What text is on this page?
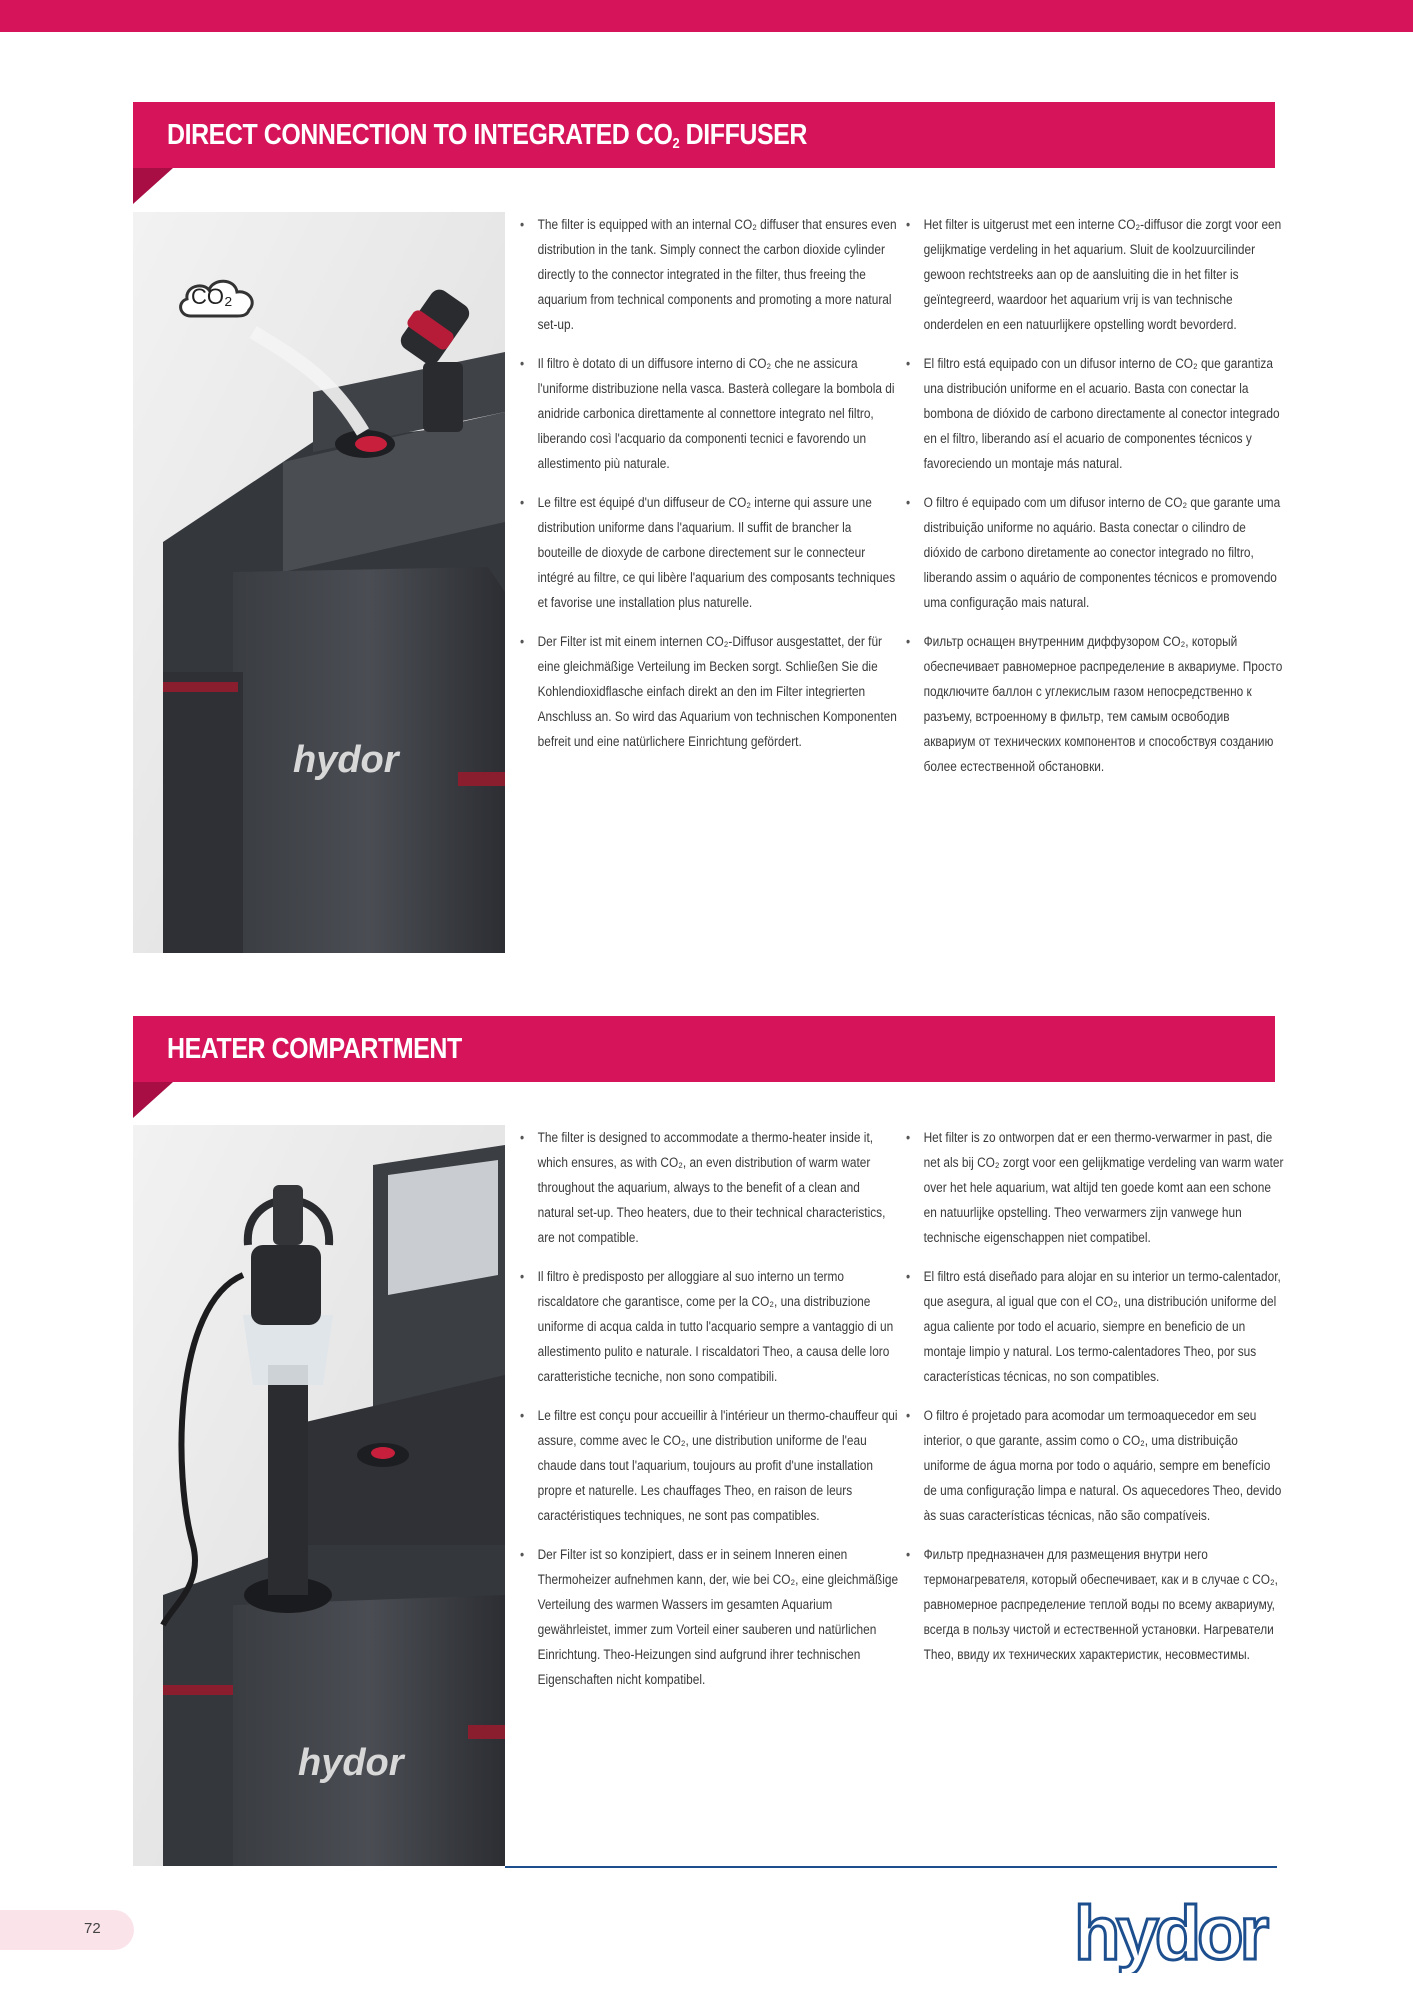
DIRECT CONNECTION TO INTEGRATED $CO_2$ DIFFUSER
hydor
CO₂

• The filter is equipped with an internal CO₂ diffuser that ensures even distribution in the tank. Simply connect the carbon dioxide cylinder directly to the connector integrated in the filter, thus freeing the aquarium from technical components and promoting a more natural set-up.

• Il filtro è dotato di un diffusore interno di CO₂ che ne assicura l'uniforme distribuzione nella vasca. Basterà collegare la bombola di anidride carbonica direttamente al connettore integrato nel filtro, liberando così l'acquario da componenti tecnici e favorendo un allestimento più naturale.

• Le filtre est équipé d'un diffuseur de CO₂ interne qui assure une distribution uniforme dans l'aquarium. Il suffit de brancher la bouteille de dioxyde de carbone directement sur le connecteur intégré au filtre, ce qui libère l'aquarium des composants techniques et favorise une installation plus naturelle.

• Der Filter ist mit einem internen CO₂-Diffusor ausgestattet, der für eine gleichmäßige Verteilung im Becken sorgt. Schließen Sie die Kohlendioxidflasche einfach direkt an den im Filter integrierten Anschluss an. So wird das Aquarium von technischen Komponenten befreit und eine natürlichere Einrichtung gefördert.

• Het filter is uitgerust met een interne CO₂-diffusor die zorgt voor een gelijkmatige verdeling in het aquarium. Sluit de koolzuurcilinder gewoon rechtstreeks aan op de aansluiting die in het filter is geïntegreerd, waardoor het aquarium vrij is van technische onderdelen en een natuurlijkere opstelling wordt bevorderd.

• El filtro está equipado con un difusor interno de CO₂ que garantiza una distribución uniforme en el acuario. Basta con conectar la bombona de dióxido de carbono directamente al conector integrado en el filtro, liberando así el acuario de componentes técnicos y favoreciendo un montaje más natural.

• O filtro é equipado com um difusor interno de CO₂ que garante uma distribuição uniforme no aquário. Basta conectar o cilindro de dióxido de carbono diretamente ao conector integrado no filtro, liberando assim o aquário de componentes técnicos e promovendo uma configuração mais natural.

• Фильтр оснащен внутренним диффузором CO₂, который обеспечивает равномерное распределение в аквариуме. Просто подключите баллон с углекислым газом непосредственно к разъему, встроенному в фильтр, тем самым освободив аквариум от технических компонентов и способствуя созданию более естественной обстановки.

HEATER COMPARTMENT
hydor

• The filter is designed to accommodate a thermo-heater inside it, which ensures, as with CO₂, an even distribution of warm water throughout the aquarium, always to the benefit of a clean and natural set-up. Theo heaters, due to their technical characteristics, are not compatible.

• Il filtro è predisposto per alloggiare al suo interno un termo riscaldatore che garantisce, come per la CO₂, una distribuzione uniforme di acqua calda in tutto l'acquario sempre a vantaggio di un allestimento pulito e naturale. I riscaldatori Theo, a causa delle loro caratteristiche tecniche, non sono compatibili.

• Le filtre est conçu pour accueillir à l'intérieur un thermo-chauffeur qui assure, comme avec le CO₂, une distribution uniforme de l'eau chaude dans tout l'aquarium, toujours au profit d'une installation propre et naturelle. Les chauffages Theo, en raison de leurs caractéristiques techniques, ne sont pas compatibles.

• Der Filter ist so konzipiert, dass er in seinem Inneren einen Thermoheizer aufnehmen kann, der, wie bei CO₂, eine gleichmäßige Verteilung des warmen Wassers im gesamten Aquarium gewährleistet, immer zum Vorteil einer sauberen und natürlichen Einrichtung. Theo-Heizungen sind aufgrund ihrer technischen Eigenschaften nicht kompatibel.

• Het filter is zo ontworpen dat er een thermo-verwarmer in past, die net als bij CO₂ zorgt voor een gelijkmatige verdeling van warm water over het hele aquarium, wat altijd ten goede komt aan een schone en natuurlijke opstelling. Theo verwarmers zijn vanwege hun technische eigenschappen niet compatibel.

• El filtro está diseñado para alojar en su interior un termo-calentador, que asegura, al igual que con el CO₂, una distribución uniforme del agua caliente por todo el acuario, siempre en beneficio de un montaje limpio y natural. Los termo-calentadores Theo, por sus características técnicas, no son compatibles.

• O filtro é projetado para acomodar um termoaquecedor em seu interior, o que garante, assim como o CO₂, uma distribuição uniforme de água morna por todo o aquário, sempre em benefício de uma configuração limpa e natural. Os aquecedores Theo, devido às suas características técnicas, não são compatíveis.

• Фильтр предназначен для размещения внутри него термонагревателя, который обеспечивает, как и в случае с CO₂, равномерное распределение теплой воды по всему аквариуму, всегда в пользу чистой и естественной установки. Нагреватели Theo, ввиду их технических характеристик, несовместимы.

72	hydor
